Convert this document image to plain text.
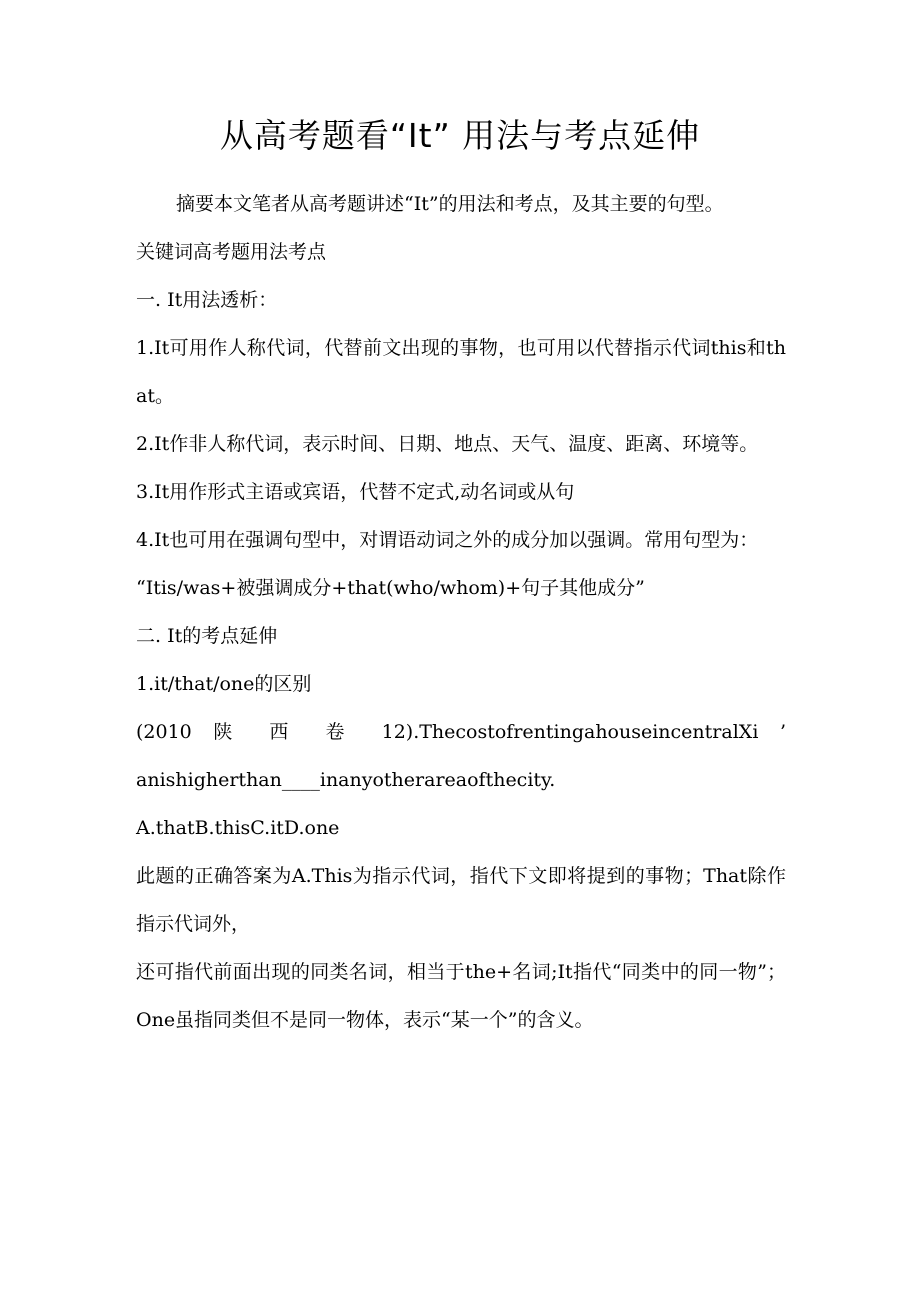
从高考题看“It” 用法与考点延伸

摘要本文笔者从高考题讲述“It”的用法和考点，及其主要的句型。

关键词高考题用法考点

一. It用法透析：

1.It可用作人称代词，代替前文出现的事物，也可用以代替指示代词this和that。

2.It作非人称代词，表示时间、日期、地点、天气、温度、距离、环境等。

3.It用作形式主语或宾语，代替不定式,动名词或从句

4.It也可用在强调句型中，对谓语动词之外的成分加以强调。常用句型为：

“Itis/was+被强调成分+that(who/whom)+句子其他成分”

二. It的考点延伸

1.it/that/one的区别

(2010 陕 西 卷 12).ThecostofrentingahouseincentralXi ’

anishigherthan____inanyotherareaofthecity.

A.thatB.thisC.itD.one

此题的正确答案为A.This为指示代词，指代下文即将提到的事物；That除作指示代词外，

还可指代前面出现的同类名词，相当于the+名词;It指代“同类中的同一物”；One虽指同类但不是同一物体，表示“某一个”的含义。
